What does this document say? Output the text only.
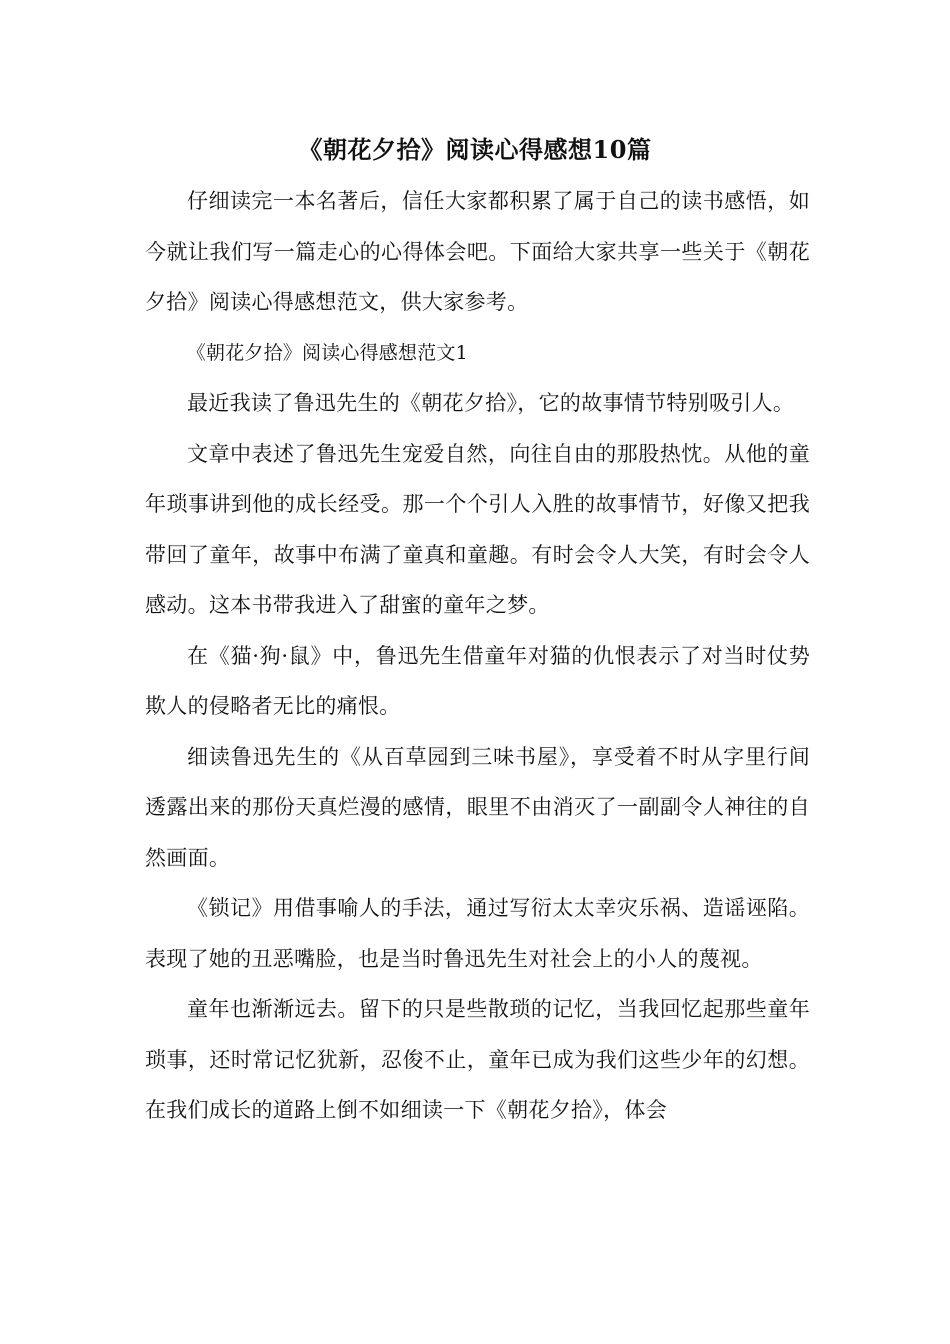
《朝花夕拾》阅读心得感想10篇

仔细读完一本名著后，信任大家都积累了属于自己的读书感悟，如今就让我们写一篇走心的心得体会吧。下面给大家共享一些关于《朝花夕拾》阅读心得感想范文，供大家参考。

《朝花夕拾》阅读心得感想范文1

最近我读了鲁迅先生的《朝花夕拾》，它的故事情节特别吸引人。

文章中表述了鲁迅先生宠爱自然，向往自由的那股热忱。从他的童年琐事讲到他的成长经受。那一个个引人入胜的故事情节，好像又把我带回了童年，故事中布满了童真和童趣。有时会令人大笑，有时会令人感动。这本书带我进入了甜蜜的童年之梦。

在《猫·狗·鼠》中，鲁迅先生借童年对猫的仇恨表示了对当时仗势欺人的侵略者无比的痛恨。

细读鲁迅先生的《从百草园到三味书屋》，享受着不时从字里行间透露出来的那份天真烂漫的感情，眼里不由消灭了一副副令人神往的自然画面。

《锁记》用借事喻人的手法，通过写衍太太幸灾乐祸、造谣诬陷。表现了她的丑恶嘴脸，也是当时鲁迅先生对社会上的小人的蔑视。

童年也渐渐远去。留下的只是些散琐的记忆，当我回忆起那些童年琐事，还时常记忆犹新，忍俊不止，童年已成为我们这些少年的幻想。在我们成长的道路上倒不如细读一下《朝花夕拾》，体会
